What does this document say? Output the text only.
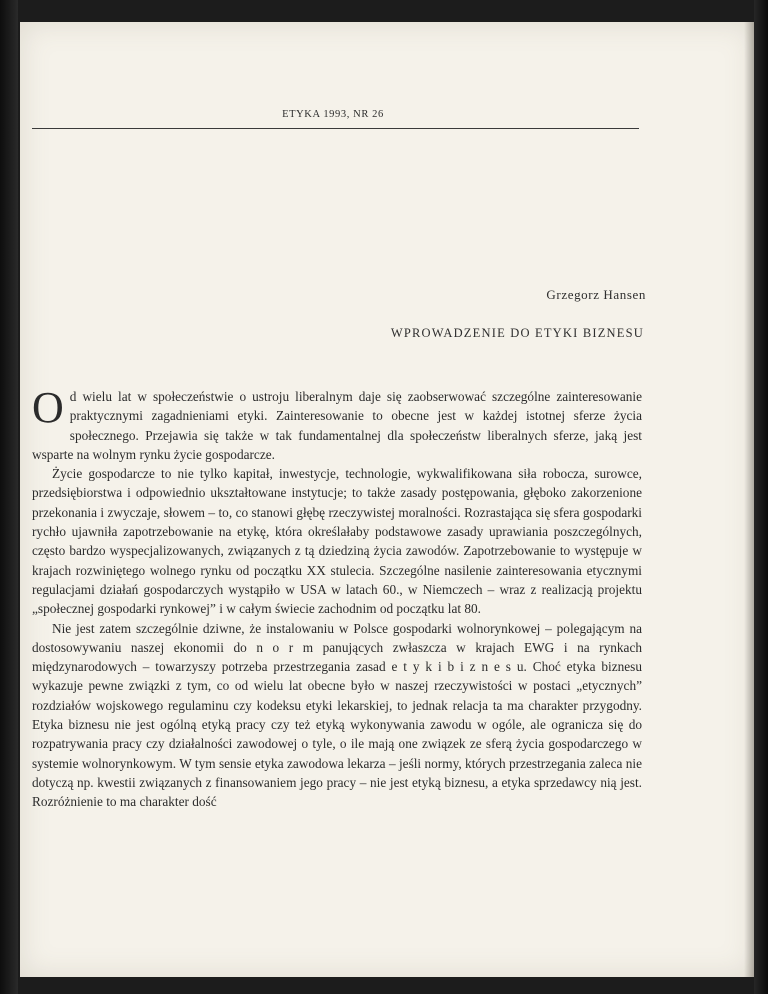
ETYKA 1993, NR 26
Grzegorz Hansen
WPROWADZENIE DO ETYKI BIZNESU

Od wielu lat w społeczeństwie o ustroju liberalnym daje się zaobserwować szczególne zainteresowanie praktycznymi zagadnieniami etyki. Zainteresowanie to obecne jest w każdej istotnej sferze życia społecznego. Przejawia się także w tak fundamentalnej dla społeczeństw liberalnych sferze, jaką jest wsparte na wolnym rynku życie gospodarcze.

Życie gospodarcze to nie tylko kapitał, inwestycje, technologie, wykwalifikowana siła robocza, surowce, przedsiębiorstwa i odpowiednio ukształtowane instytucje; to także zasady postępowania, głęboko zakorzenione przekonania i zwyczaje, słowem – to, co stanowi głębę rzeczywistej moralności. Rozrastająca się sfera gospodarki rychło ujawniła zapotrzebowanie na etykę, która określałaby podstawowe zasady uprawiania poszczególnych, często bardzo wyspecjalizowanych, związanych z tą dziedziną życia zawodów. Zapotrzebowanie to występuje w krajach rozwiniętego wolnego rynku od początku XX stulecia. Szczególne nasilenie zainteresowania etycznymi regulacjami działań gospodarczych wystąpiło w USA w latach 60., w Niemczech – wraz z realizacją projektu „społecznej gospodarki rynkowej” i w całym świecie zachodnim od początku lat 80.

Nie jest zatem szczególnie dziwne, że instalowaniu w Polsce gospodarki wolnorynkowej – polegającym na dostosowywaniu naszej ekonomii do n o r m panujących zwłaszcza w krajach EWG i na rynkach międzynarodowych – towarzyszy potrzeba przestrzegania zasad e t y k i b i z n e s u. Choć etyka biznesu wykazuje pewne związki z tym, co od wielu lat obecne było w naszej rzeczywistości w postaci „etycznych” rozdziałów wojskowego regulaminu czy kodeksu etyki lekarskiej, to jednak relacja ta ma charakter przygodny. Etyka biznesu nie jest ogólną etyką pracy czy też etyką wykonywania zawodu w ogóle, ale ogranicza się do rozpatrywania pracy czy działalności zawodowej o tyle, o ile mają one związek ze sferą życia gospodarczego w systemie wolnorynkowym. W tym sensie etyka zawodowa lekarza – jeśli normy, których przestrzegania zaleca nie dotyczą np. kwestii związanych z finansowaniem jego pracy – nie jest etyką biznesu, a etyka sprzedawcy nią jest. Rozróżnienie to ma charakter dość
